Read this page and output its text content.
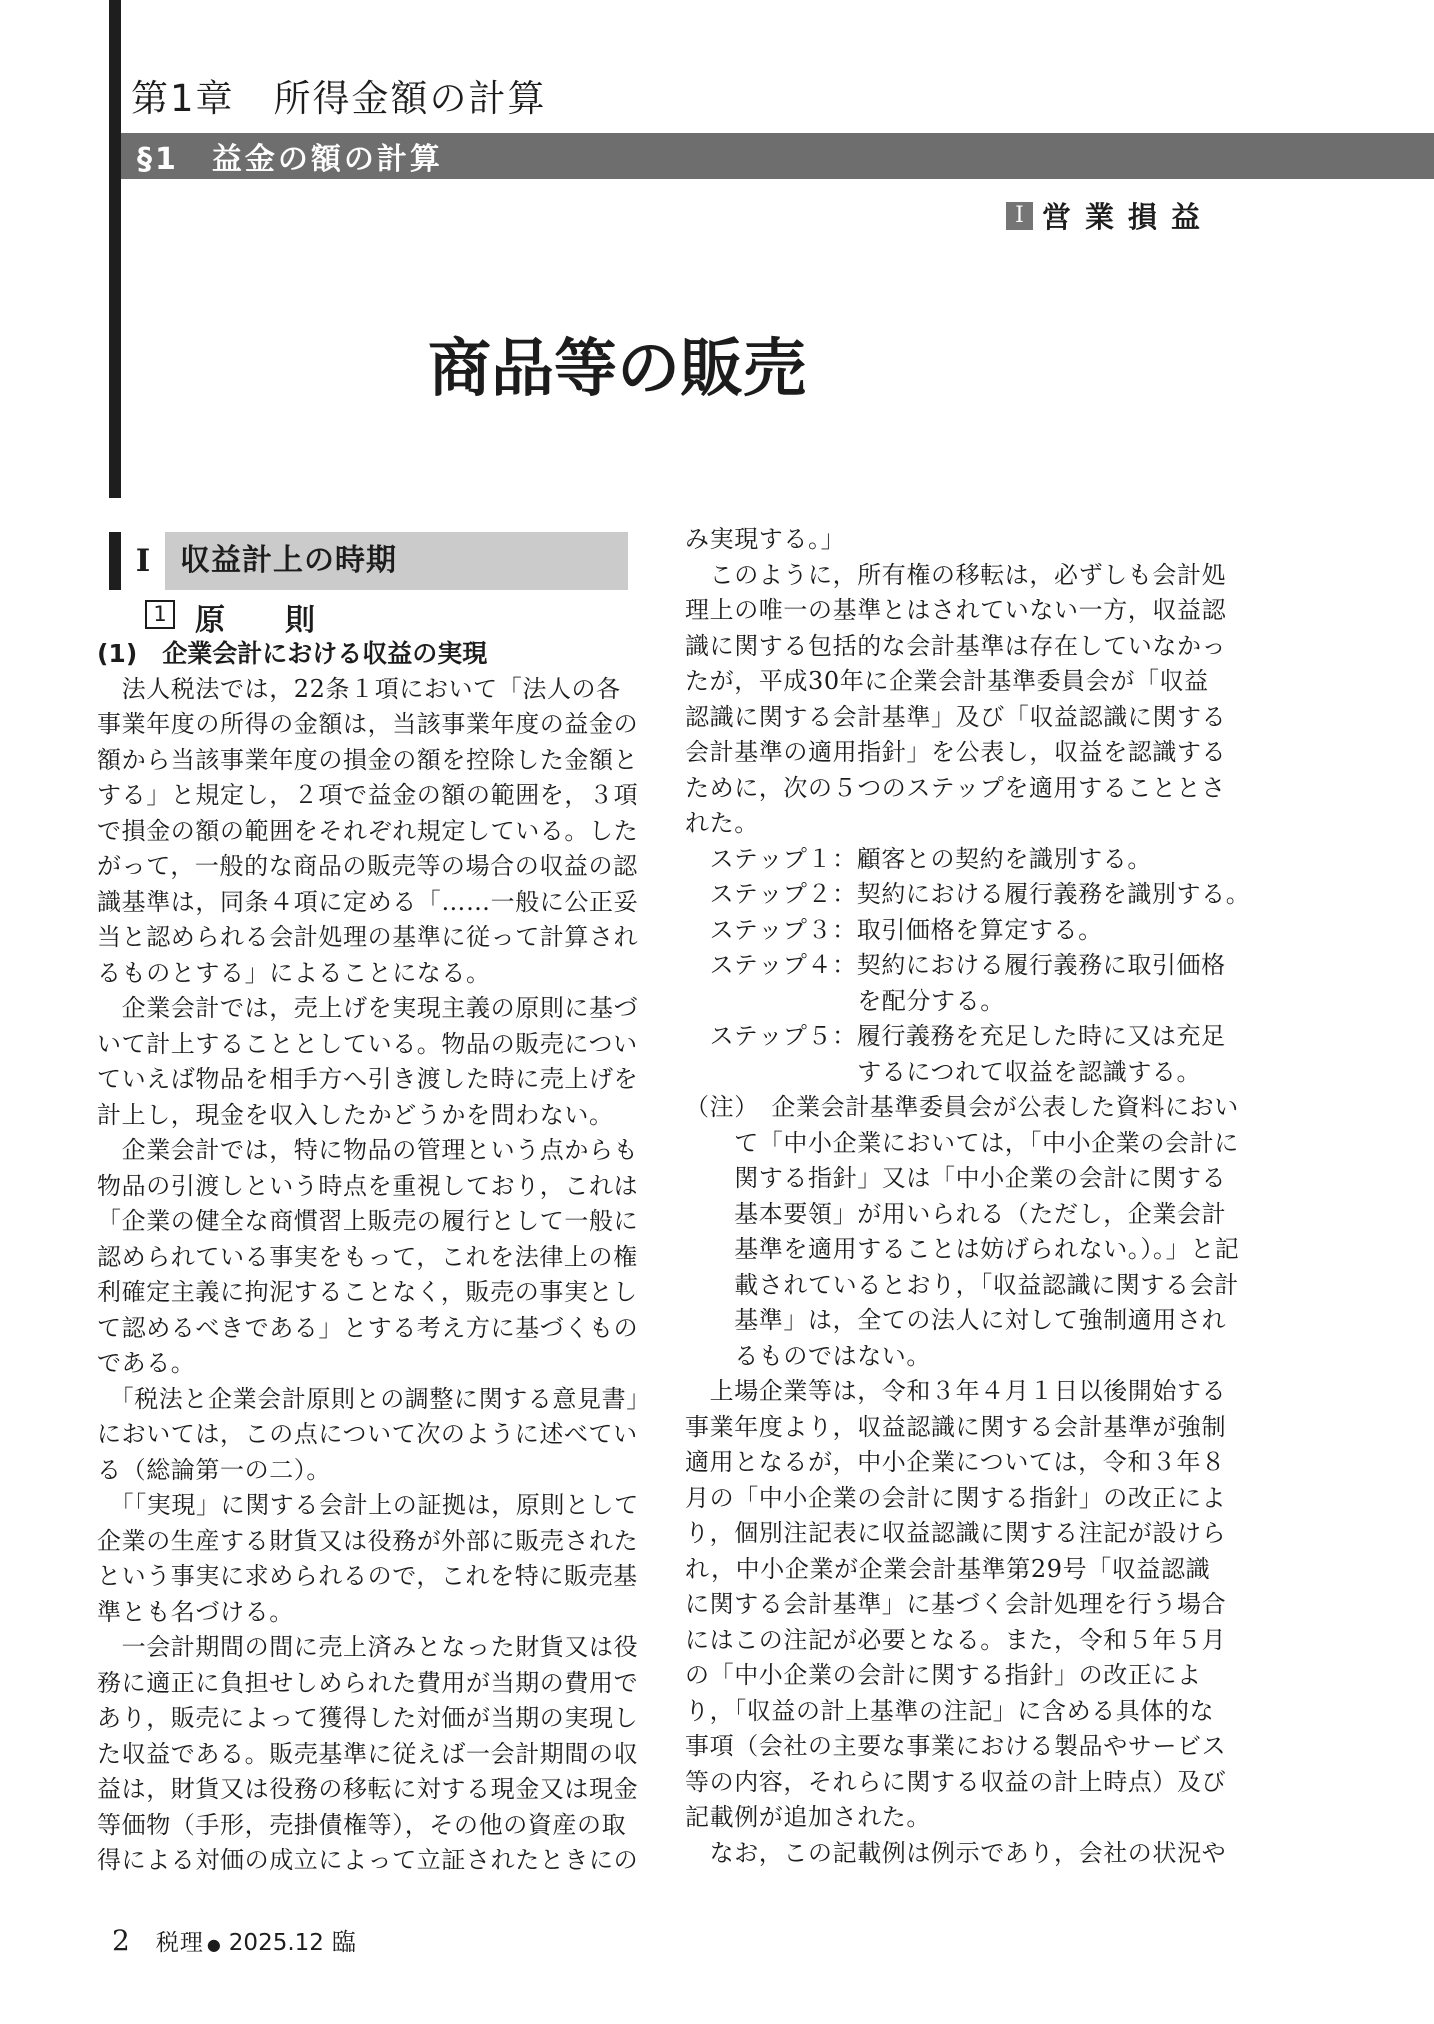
第1章　所得金額の計算
§1　益金の額の計算
Ⅰ 営業損益
商品等の販売
Ⅰ 収益計上の時期
1 原　　則
(1)　企業会計における収益の実現
　法人税法では，22条１項において「法人の各
事業年度の所得の金額は，当該事業年度の益金の
額から当該事業年度の損金の額を控除した金額と
する」と規定し，２項で益金の額の範囲を，３項
で損金の額の範囲をそれぞれ規定している。した
がって，一般的な商品の販売等の場合の収益の認
識基準は，同条４項に定める「……一般に公正妥
当と認められる会計処理の基準に従って計算され
るものとする」によることになる。
　企業会計では，売上げを実現主義の原則に基づ
いて計上することとしている。物品の販売につい
ていえば物品を相手方へ引き渡した時に売上げを
計上し，現金を収入したかどうかを問わない。
　企業会計では，特に物品の管理という点からも
物品の引渡しという時点を重視しており，これは
「企業の健全な商慣習上販売の履行として一般に
認められている事実をもって，これを法律上の権
利確定主義に拘泥することなく，販売の事実とし
て認めるべきである」とする考え方に基づくもの
である。
　「税法と企業会計原則との調整に関する意見書」
においては，この点について次のように述べてい
る（総論第一の二）。
　「「実現」に関する会計上の証拠は，原則として
企業の生産する財貨又は役務が外部に販売された
という事実に求められるので，これを特に販売基
準とも名づける。
　一会計期間の間に売上済みとなった財貨又は役
務に適正に負担せしめられた費用が当期の費用で
あり，販売によって獲得した対価が当期の実現し
た収益である。販売基準に従えば一会計期間の収
益は，財貨又は役務の移転に対する現金又は現金
等価物（手形，売掛債権等），その他の資産の取
得による対価の成立によって立証されたときにの
み実現する。」
　このように，所有権の移転は，必ずしも会計処
理上の唯一の基準とはされていない一方，収益認
識に関する包括的な会計基準は存在していなかっ
たが，平成30年に企業会計基準委員会が「収益
認識に関する会計基準」及び「収益認識に関する
会計基準の適用指針」を公表し，収益を認識する
ために，次の５つのステップを適用することとさ
れた。
　ステップ１：顧客との契約を識別する。
　ステップ２：契約における履行義務を識別する。
　ステップ３：取引価格を算定する。
　ステップ４：契約における履行義務に取引価格
　　　　　　　を配分する。
　ステップ５：履行義務を充足した時に又は充足
　　　　　　　するにつれて収益を認識する。
（注）　企業会計基準委員会が公表した資料におい
　　て「中小企業においては，「中小企業の会計に
　　関する指針」又は「中小企業の会計に関する
　　基本要領」が用いられる（ただし，企業会計
　　基準を適用することは妨げられない。）。」と記
　　載されているとおり，「収益認識に関する会計
　　基準」は，全ての法人に対して強制適用され
　　るものではない。
　上場企業等は，令和３年４月１日以後開始する
事業年度より，収益認識に関する会計基準が強制
適用となるが，中小企業については，令和３年８
月の「中小企業の会計に関する指針」の改正によ
り，個別注記表に収益認識に関する注記が設けら
れ，中小企業が企業会計基準第29号「収益認識
に関する会計基準」に基づく会計処理を行う場合
にはこの注記が必要となる。また，令和５年５月
の「中小企業の会計に関する指針」の改正によ
り，「収益の計上基準の注記」に含める具体的な
事項（会社の主要な事業における製品やサービス
等の内容，それらに関する収益の計上時点）及び
記載例が追加された。
　なお，この記載例は例示であり，会社の状況や
2 税理 ● 2025.12 臨
